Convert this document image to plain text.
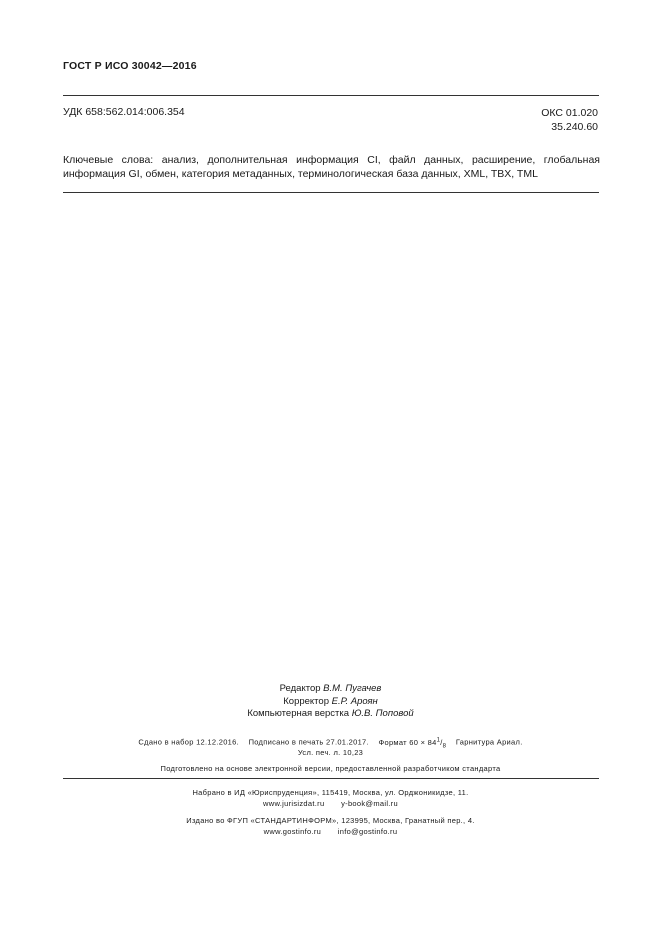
ГОСТ Р ИСО 30042—2016
УДК 658:562.014:006.354	ОКС 01.020
35.240.60
Ключевые слова: анализ, дополнительная информация CI, файл данных, расширение, глобальная информация GI, обмен, категория метаданных, терминологическая база данных, XML, TBX, TML
Редактор В.М. Пугачев
Корректор Е.Р. Ароян
Компьютерная верстка Ю.В. Поповой
Сдано в набор 12.12.2016. Подписано в печать 27.01.2017. Формат $60 \times 84^1/_8$ Гарнитура Ариал.
Усл. печ. л. 10,23
Подготовлено на основе электронной версии, предоставленной разработчиком стандарта
Набрано в ИД «Юриспруденция», 115419, Москва, ул. Орджоникидзе, 11.
www.jurisizdat.ru y-book@mail.ru
Издано во ФГУП «СТАНДАРТИНФОРМ», 123995, Москва, Гранатный пер., 4.
www.gostinfo.ru info@gostinfo.ru
